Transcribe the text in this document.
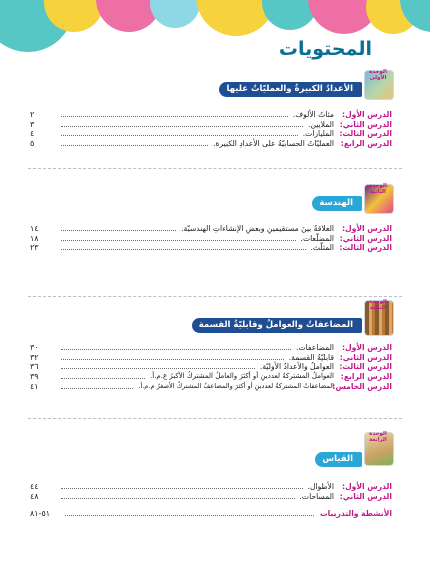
المحتويات
الوحدة الأولى
الأعدادُ الكبيرةُ والعمليّاتُ عليها
الدرس الأول:
مئاتُ الألوف.
٢
الدرس الثاني:
الملايين.
٣
الدرس الثالث:
المليارات.
٤
الدرس الرابع:
العمليّاتُ الحسابيّةُ على الأعدادِ الكبيرة.
٥
الوحدة الثانية
الهندسة
الدرس الأول:
العلاقةُ بينَ مستقيمينِ وبعضِ الإنشاءاتِ الهندسيّة.
١٤
الدرس الثاني:
المضلّعات.
١٨
الدرس الثالث:
المثلّث.
٢٣
الوحدة الثالثة
المضاعفاتُ والعواملُ وقابليّةُ القسمة
الدرس الأول:
المضاعفات.
٣٠
الدرس الثاني:
قابليّةُ القسمة.
٣٢
الدرس الثالث:
العواملُ والأعدادُ الأوليّة.
٣٦
الدرس الرابع:
العواملُ المشتركةُ لعددينِ أو أكثرَ والعاملُ المشتركُ الأكبرُ ع.م.أ.
٣٩
الدرس الخامس:
المضاعفاتُ المشتركةُ لعددينِ أو أكثرَ والمضاعفُ المشتركُ الأصغرُ م.م.أ.
٤١
الوحدة الرابعة
القياس
الدرس الأول:
الأطوال.
٤٤
الدرس الثاني:
المساحات.
٤٨
الأنشطة والتدريبات
٥١-٨١
